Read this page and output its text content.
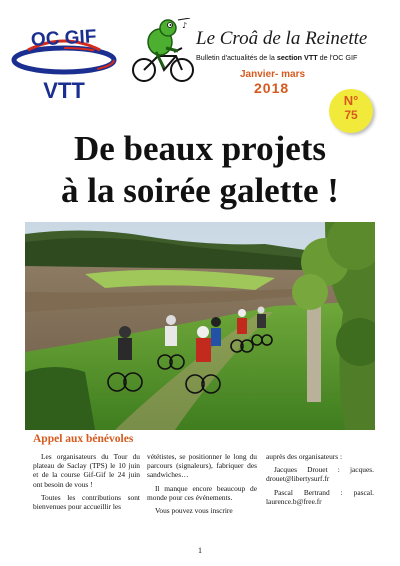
OC GIF
VTT
♪
Le Croâ de la Reinette
Bulletin d'actualités de la section VTT de l'OC GIF
Janvier- mars
2018
N°
75
De beaux projets
à la soirée galette !
Appel aux bénévoles

Les organisateurs du Tour du plateau de Saclay (TPS) le 10 juin et de la course Gif-Gif le 24 juin ont besoin de vous !

Toutes les contributions sont bienvenues pour accueillir les

vététistes, se positionner le long du parcours (signaleurs), fabriquer des sandwiches…

Il manque encore beaucoup de monde pour ces événements.

Vous pouvez vous inscrire

auprès des organisateurs :

Jacques Drouet : jacques. drouet@libertysurf.fr

Pascal Bertrand : pascal. laurence.b@free.fr

1
